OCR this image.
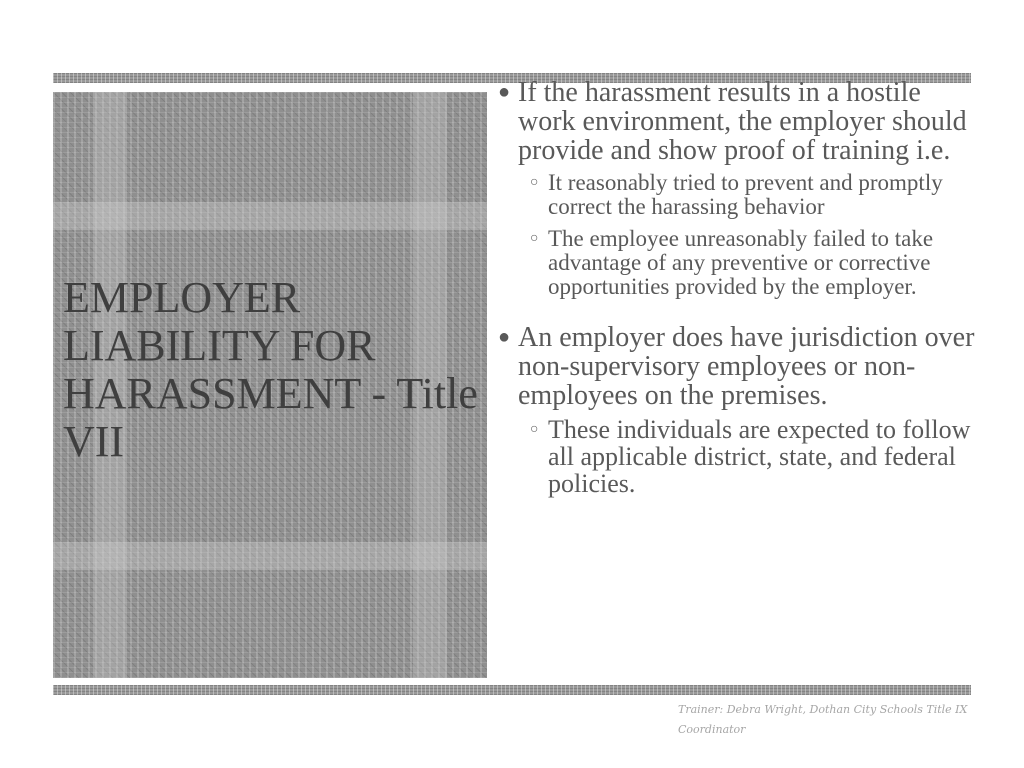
EMPLOYER LIABILITY FOR HARASSMENT - Title VII
● If the harassment results in a hostile work environment, the employer should provide and show proof of training i.e.
○ It reasonably tried to prevent and promptly correct the harassing behavior
○ The employee unreasonably failed to take advantage of any preventive or corrective opportunities provided by the employer.
● An employer does have jurisdiction over non-supervisory employees or non-employees on the premises.
○ These individuals are expected to follow all applicable district, state, and federal policies.
Trainer: Debra Wright, Dothan City Schools Title IX Coordinator
